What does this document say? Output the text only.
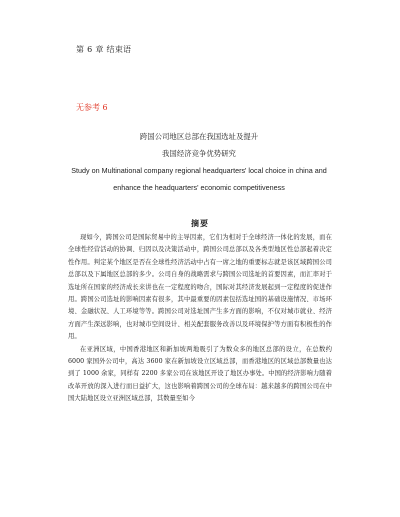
第 6 章 结束语
无参考 6
跨国公司地区总部在我国选址及提升
我国经济竞争优势研究
Study on Multinational company regional headquarters' local choice in china and
enhance the headquarters' economic competitiveness
摘要

现如今，跨国公司是国际贸易中的主导因素，它们为相对于全球经济一体化的发展，而在全球性经营活动的协调、归因以及决策活动中，跨国公司总部以及各类型地区性总部起着决定性作用。判定某个地区是否在全球性经济活动中占有一席之地的重要标志就是该区域跨国公司总部以及下属地区总部的多少。公司自身的战略需求与跨国公司选址的首要因素，而汇率对于选址所在国家的经济成长来讲也在一定程度的吻合，国际对其经济发展起到一定程度的促进作用。跨国公司选址的影响因素有很多，其中最重要的因素包括选址国的基础设施情况、市场环境、金融状况、人工环境等等。跨国公司对选址国产生多方面的影响，不仅对城市就业、经济方面产生深远影响，也对城市空间设计、相关配套服务改善以及环境保护等方面有积极性的作用。

在亚洲区域，中国香港地区和新加坡两地吸引了为数众多的地区总部的设立，在总数约 6000 家国外公司中，高达 3600 家在新加坡设立区域总部，而香港地区的区域总部数量也达到了 1000 余家，同样有 2200 多家公司在该地区开设了地区办事处。中国的经济影响力随着改革开放的深入进行而日益扩大，这也影响着跨国公司的全球布局：越来越多的跨国公司在中国大陆地区设立亚洲区域总部，其数量至如今
